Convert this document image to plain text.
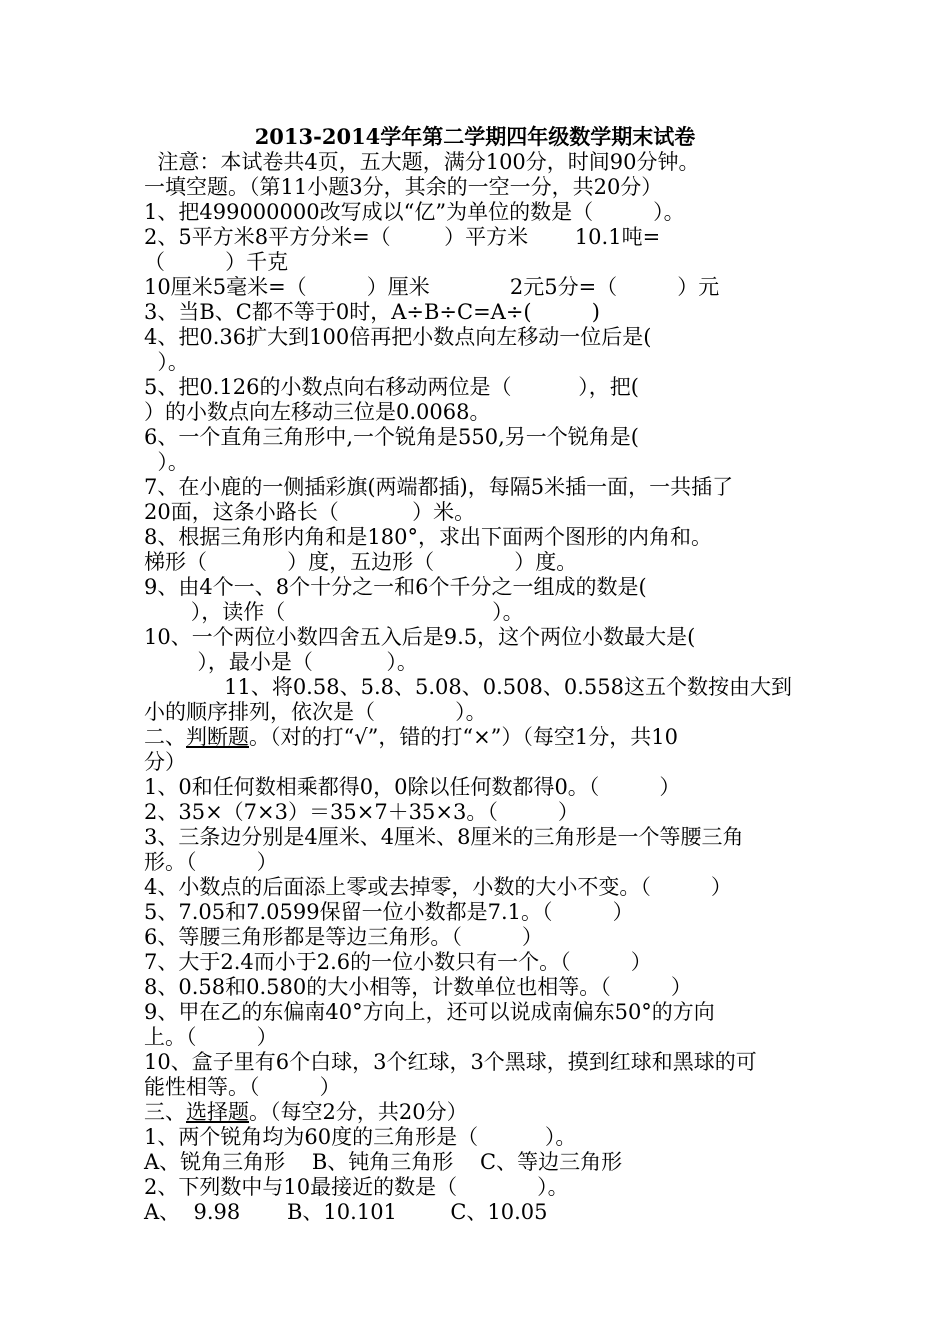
2013-2014学年第二学期四年级数学期末试卷
注意：本试卷共4页，五大题，满分100分，时间90分钟。
一填空题。（第11小题3分，其余的一空一分，共20分）
1、把499000000改写成以“亿”为单位的数是（         ）。
2、5平方米8平方分米=（        ）平方米       10.1吨=
（         ）千克
10厘米5毫米=（         ）厘米            2元5分=（         ）元
3、当B、C都不等于0时，A÷B÷C=A÷(         )
4、把0.36扩大到100倍再把小数点向左移动一位后是(
）。
5、把0.126的小数点向右移动两位是（          ），把(
）的小数点向左移动三位是0.0068。
6、一个直角三角形中,一个锐角是550,另一个锐角是(
）。
7、在小鹿的一侧插彩旗(两端都插)，每隔5米插一面，一共插了
20面，这条小路长（           ）米。
8、根据三角形内角和是180°，求出下面两个图形的内角和。
梯形（            ）度，五边形（            ）度。
9、由4个一、8个十分之一和6个千分之一组成的数是(
），读作（                               ）。
10、一个两位小数四舍五入后是9.5，这个两位小数最大是(
），最小是（           ）。
11、将0.58、5.8、5.08、0.508、0.558这五个数按由大到
小的顺序排列，依次是（            ）。
二、判断题。（对的打“√”，错的打“×”）（每空1分，共10
分）
1、0和任何数相乘都得0，0除以任何数都得0。（         ）
2、35×（7×3）＝35×7＋35×3。（         ）
3、三条边分别是4厘米、4厘米、8厘米的三角形是一个等腰三角
形。（         ）
4、小数点的后面添上零或去掉零，小数的大小不变。（         ）
5、7.05和7.0599保留一位小数都是7.1。（         ）
6、等腰三角形都是等边三角形。（         ）
7、大于2.4而小于2.6的一位小数只有一个。（         ）
8、0.58和0.580的大小相等，计数单位也相等。（         ）
9、甲在乙的东偏南40°方向上，还可以说成南偏东50°的方向
上。（         ）
10、盒子里有6个白球，3个红球，3个黑球，摸到红球和黑球的可
能性相等。（         ）
三、选择题。（每空2分，共20分）
1、两个锐角均为60度的三角形是（          ）。
A、锐角三角形    B、钝角三角形    C、等边三角形
2、下列数中与10最接近的数是（            ）。
A、  9.98       B、10.101        C、10.05
